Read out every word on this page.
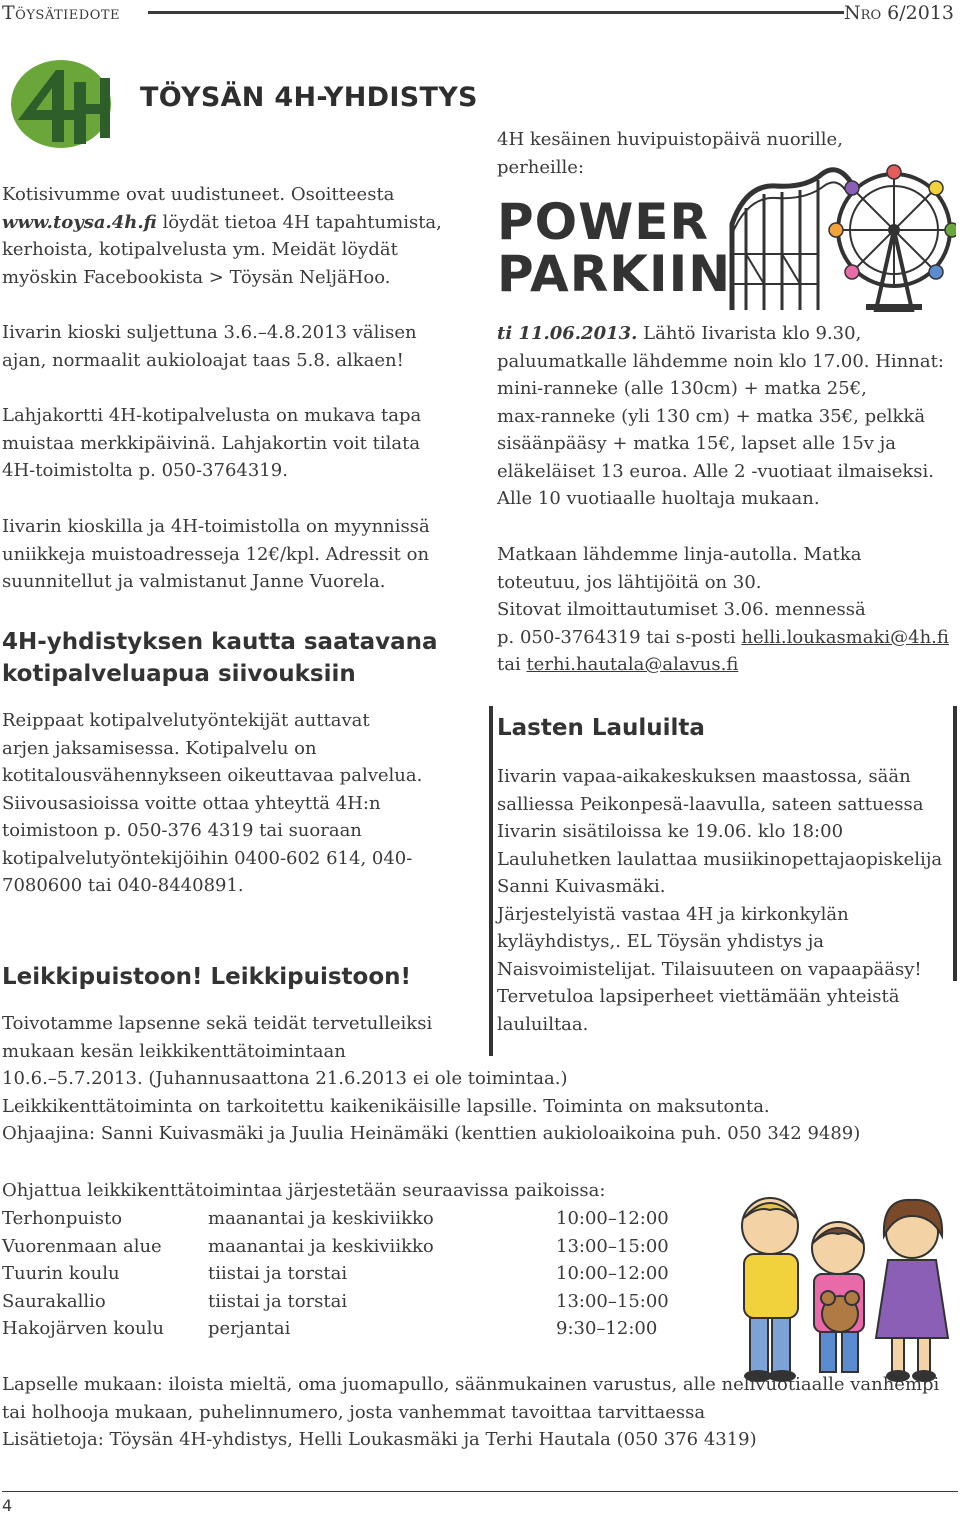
Töysätiedote	Nro 6/2013
TÖYSÄN 4H-YHDISTYS
Kotisivumme ovat uudistuneet. Osoitteesta
www.toysa.4h.fi löydät tietoa 4H tapahtumista,
kerhoista, kotipalvelusta ym. Meidät löydät
myöskin Facebookista > Töysän NeljäHoo.
Iivarin kioski suljettuna 3.6.–4.8.2013 välisen
ajan, normaalit aukioloajat taas 5.8. alkaen!
Lahjakortti 4H-kotipalvelusta on mukava tapa
muistaa merkkipäivinä. Lahjakortin voit tilata
4H-toimistolta p. 050-3764319.
Iivarin kioskilla ja 4H-toimistolla on myynnissä
uniikkeja muistoadresseja 12€/kpl. Adressit on
suunnitellut ja valmistanut Janne Vuorela.
4H-yhdistyksen kautta saatavana
kotipalveluapua siivouksiin
Reippaat kotipalvelutyöntekijät auttavat
arjen jaksamisessa. Kotipalvelu on
kotitalousvähennykseen oikeuttavaa palvelua.
Siivousasioissa voitte ottaa yhteyttä 4H:n
toimistoon p. 050-376 4319 tai suoraan
kotipalvelutyöntekijöihin 0400-602 614, 040-
7080600 tai 040-8440891.
Leikkipuistoon! Leikkipuistoon!
Toivotamme lapsenne sekä teidät tervetulleiksi
mukaan kesän leikkikenttätoimintaan
10.6.–5.7.2013. (Juhannusaattona 21.6.2013 ei ole toimintaa.)
Leikkikenttätoiminta on tarkoitettu kaikenikäisille lapsille. Toiminta on maksutonta.
Ohjaajina: Sanni Kuivasmäki ja Juulia Heinämäki (kenttien aukioloaikoina puh. 050 342 9489)
Ohjattua leikkikenttätoimintaa järjestetään seuraavissa paikoissa:
Terhonpuisto	maanantai ja keskiviikko	10:00–12:00
Vuorenmaan alue	maanantai ja keskiviikko	13:00–15:00
Tuurin koulu	tiistai ja torstai	10:00–12:00
Saurakallio	tiistai ja torstai	13:00–15:00
Hakojärven koulu perjantai	9:30–12:00
Lapselle mukaan: iloista mieltä, oma juomapullo, säänmukainen varustus, alle nelivuotiaalle vanhempi
tai holhooja mukaan, puhelinnumero, josta vanhemmat tavoittaa tarvittaessa
Lisätietoja: Töysän 4H-yhdistys, Helli Loukasmäki ja Terhi Hautala (050 376 4319)
4H kesäinen huvipuistopäivä nuorille,
perheille:
POWER
PARKIIN
ti 11.06.2013. Lähtö Iivarista klo 9.30,
paluumatkalle lähdemme noin klo 17.00. Hinnat:
mini-ranneke (alle 130cm) + matka 25€,
max-ranneke (yli 130 cm) + matka 35€, pelkkä
sisäänpääsy + matka 15€, lapset alle 15v ja
eläkeläiset 13 euroa. Alle 2 -vuotiaat ilmaiseksi.
Alle 10 vuotiaalle huoltaja mukaan.
Matkaan lähdemme linja-autolla. Matka
toteutuu, jos lähtijöitä on 30.
Sitovat ilmoittautumiset 3.06. mennessä
p. 050-3764319 tai s-posti helli.loukasmaki@4h.fi
tai terhi.hautala@alavus.fi
Lasten Lauluilta
Iivarin vapaa-aikakeskuksen maastossa, sään
salliessa Peikonpesä-laavulla, sateen sattuessa
Iivarin sisätiloissa ke 19.06. klo 18:00
Lauluhetken laulattaa musiikinopettajaopiskelija
Sanni Kuivasmäki.
Järjestelyistä vastaa 4H ja kirkonkylän
kyläyhdistys,. EL Töysän yhdistys ja
Naisvoimistelijat. Tilaisuuteen on vapaapääsy!
Tervetuloa lapsiperheet viettämään yhteistä
lauluiltaa.
4
